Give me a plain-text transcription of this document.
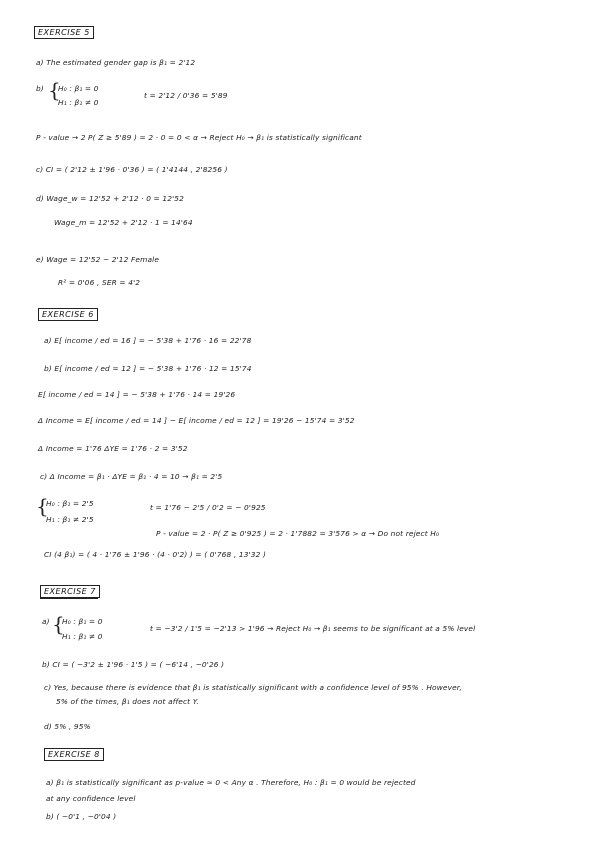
EXERCISE 5
a) The estimated gender gap is β₁ = 2'12
b) {
H₀ : β₁ = 0
H₁ : β₁ ≠ 0
t = 2'12 / 0'36 = 5'89
P - value → 2 P( Z ≥ 5'89 ) = 2 · 0 = 0 < α → Reject H₀ → β₁ is statistically significant
c) CI = ( 2'12 ± 1'96 · 0'36 ) = ( 1'4144 , 2'8256 )
d) Wage_w = 12'52 + 2'12 · 0 = 12'52
Wage_m = 12'52 + 2'12 · 1 = 14'64
e) Wage = 12'52 − 2'12 Female
R² = 0'06 , SER = 4'2
EXERCISE 6
a) E[ income / ed = 16 ] = − 5'38 + 1'76 · 16 = 22'78
b) E[ income / ed = 12 ] = − 5'38 + 1'76 · 12 = 15'74
E[ income / ed = 14 ] = − 5'38 + 1'76 · 14 = 19'26
Δ Income = E[ income / ed = 14 ] − E[ income / ed = 12 ] = 19'26 − 15'74 = 3'52
Δ Income = 1'76 ΔYE = 1'76 · 2 = 3'52
c) Δ Income = β₁ · ΔYE = β₁ · 4 = 10 → β₁ = 2'5
{
H₀ : β₁ = 2'5
H₁ : β₁ ≠ 2'5
t = 1'76 − 2'5 / 0'2 = − 0'925
P - value = 2 · P( Z ≥ 0'925 ) = 2 · 1'7882 = 3'576 > α → Do not reject H₀
CI (4 β₁) = ( 4 · 1'76 ± 1'96 · (4 · 0'2) ) = ( 0'768 , 13'32 )
EXERCISE 7
a) {
H₀ : β₁ = 0
H₁ : β₁ ≠ 0
t = −3'2 / 1'5 = −2'13 > 1'96 → Reject H₀ → β₁ seems to be significant at a 5% level
b) CI = ( −3'2 ± 1'96 · 1'5 ) = ( −6'14 , −0'26 )
c) Yes, because there is evidence that β₁ is statistically significant with a confidence level of 95% . However,
5% of the times, β₁ does not affect Y.
d) 5% , 95%
EXERCISE 8
a) β₁ is statistically significant as p-value ≈ 0 < Any α . Therefore, H₀ : β₁ = 0 would be rejected
at any confidence level
b) ( −0'1 , −0'04 )
